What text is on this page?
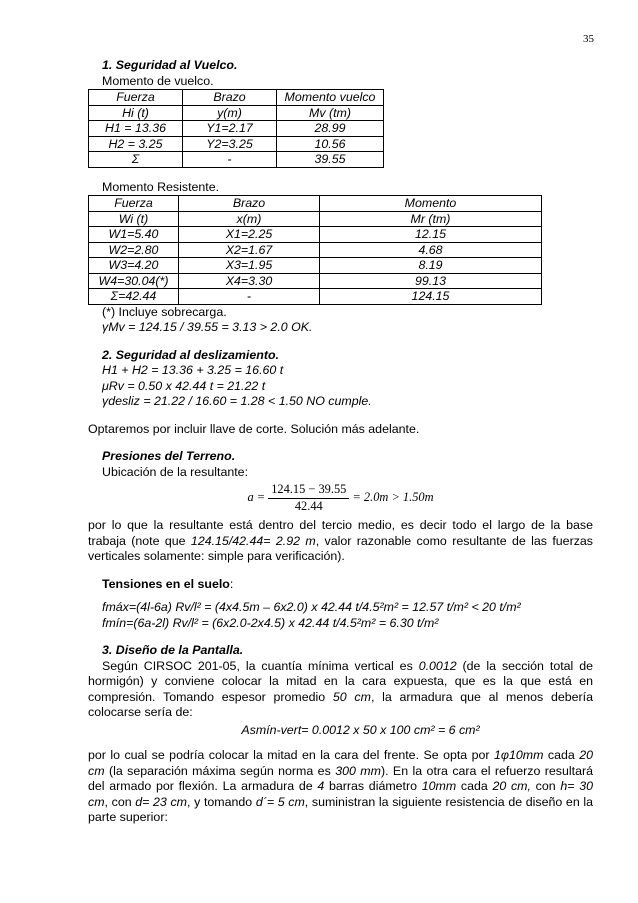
35
1. Seguridad al Vuelco.
Momento de vuelco.
Fuerza	Brazo	Momento vuelco
Hi (t)	y(m)	Mv (tm)
H1 = 13.36	Y1=2.17	28.99
H2 = 3.25	Y2=3.25	10.56
Σ	-	39.55
Momento Resistente.
Fuerza	Brazo	Momento
Wi (t)	x(m)	Mr (tm)
W1=5.40	X1=2.25	12.15
W2=2.80	X2=1.67	4.68
W3=4.20	X3=1.95	8.19
W4=30.04(*)	X4=3.30	99.13
Σ=42.44	-	124.15
(*) Incluye sobrecarga.
γMv = 124.15 / 39.55 = 3.13 > 2.0 OK.
2. Seguridad al deslizamiento.
H1 + H2 = 13.36 + 3.25 = 16.60 t
μRv = 0.50 x 42.44 t = 21.22 t
γdesliz = 21.22 / 16.60 = 1.28 < 1.50 NO cumple.
Optaremos por incluir llave de corte. Solución más adelante.
Presiones del Terreno.
Ubicación de la resultante:
$a = \frac{124.15 - 39.55}{42.44} = 2.0m > 1.50m$
por lo que la resultante está dentro del tercio medio, es decir todo el largo de la base trabaja (note que 124.15/42.44= 2.92 m, valor razonable como resultante de las fuerzas verticales solamente: simple para verificación).
Tensiones en el suelo:
fmáx=(4l-6a) Rv/l² = (4x4.5m – 6x2.0) x 42.44 t/4.5²m² = 12.57 t/m² < 20 t/m²
fmín=(6a-2l) Rv/l² = (6x2.0-2x4.5) x 42.44 t/4.5²m² = 6.30 t/m²
3. Diseño de la Pantalla.
Según CIRSOC 201-05, la cuantía mínima vertical es 0.0012 (de la sección total de hormigón) y conviene colocar la mitad en la cara expuesta, que es la que está en compresión. Tomando espesor promedio 50 cm, la armadura que al menos debería colocarse sería de:
Asmín-vert= 0.0012 x 50 x 100 cm² = 6 cm²
por lo cual se podría colocar la mitad en la cara del frente. Se opta por 1φ10mm cada 20 cm (la separación máxima según norma es 300 mm). En la otra cara el refuerzo resultará del armado por flexión. La armadura de 4 barras diámetro 10mm cada 20 cm, con h= 30 cm, con d= 23 cm, y tomando d´= 5 cm, suministran la siguiente resistencia de diseño en la parte superior:
